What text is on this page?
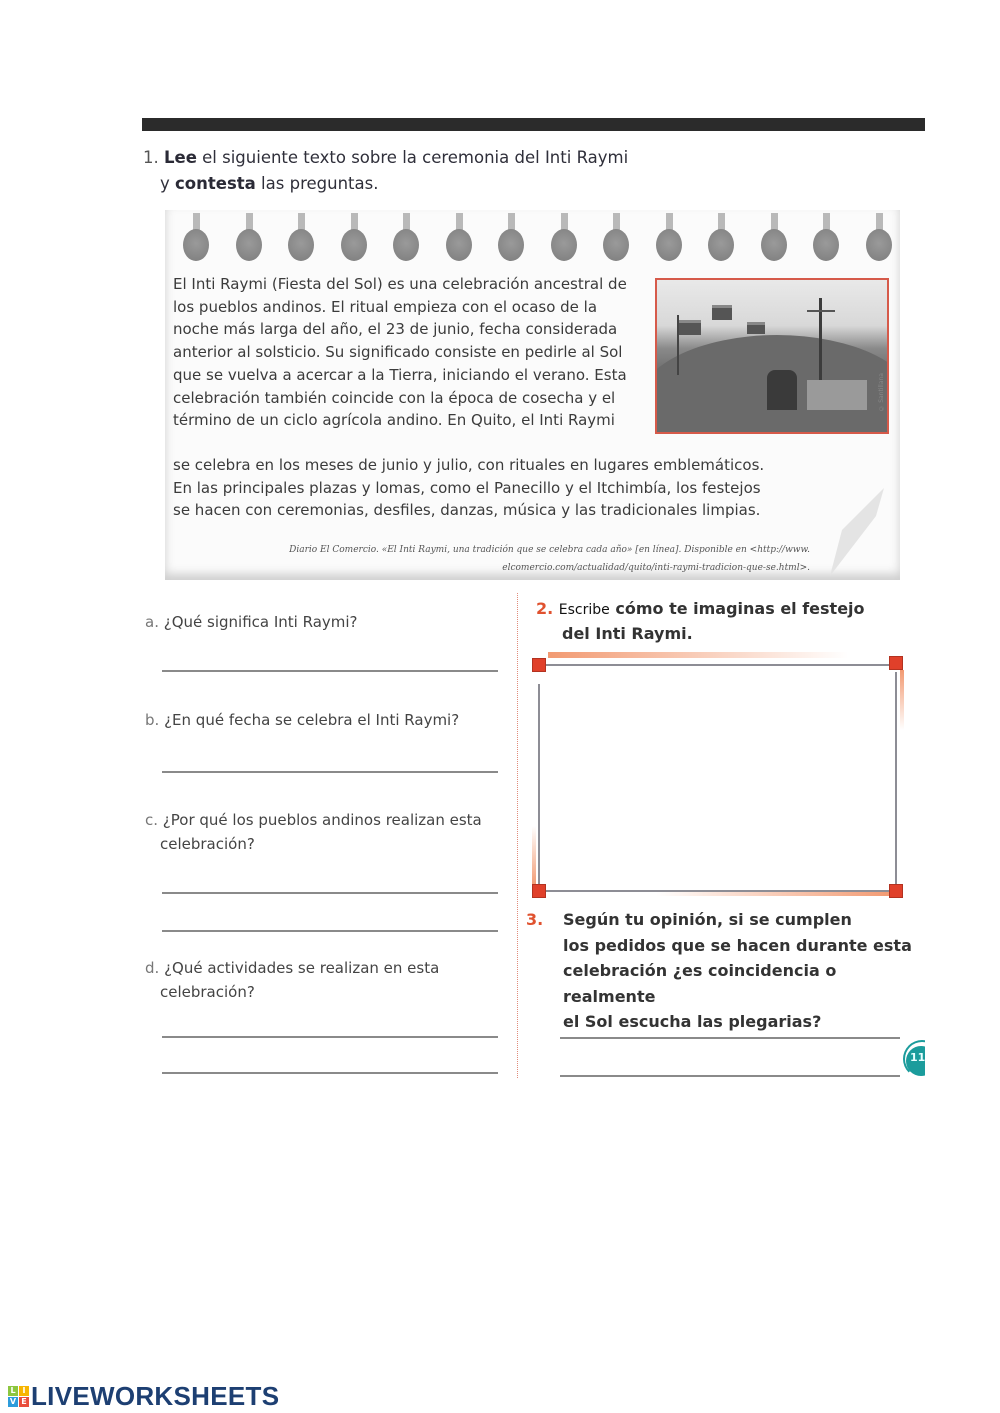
1. Lee el siguiente texto sobre la ceremonia del Inti Raymi
y contesta las preguntas.
El Inti Raymi (Fiesta del Sol) es una celebración ancestral de
los pueblos andinos. El ritual empieza con el ocaso de la
noche más larga del año, el 23 de junio, fecha considerada
anterior al solsticio. Su significado consiste en pedirle al Sol
que se vuelva a acercar a la Tierra, iniciando el verano. Esta
celebración también coincide con la época de cosecha y el
término de un ciclo agrícola andino. En Quito, el Inti Raymi
se celebra en los meses de junio y julio, con rituales en lugares emblemáticos.
En las principales plazas y lomas, como el Panecillo y el Itchimbía, los festejos
se hacen con ceremonias, desfiles, danzas, música y las tradicionales limpias.
© Santillana
Diario El Comercio. «El Inti Raymi, una tradición que se celebra cada año» [en línea]. Disponible en <http://www.
elcomercio.com/actualidad/quito/inti-raymi-tradicion-que-se.html>.
a. ¿Qué significa Inti Raymi?
b. ¿En qué fecha se celebra el Inti Raymi?
c. ¿Por qué los pueblos andinos realizan esta
celebración?
d. ¿Qué actividades se realizan en esta
celebración?
2. Escribe cómo te imaginas el festejo
del Inti Raymi.
3. Según tu opinión, si se cumplen
los pedidos que se hacen durante esta
celebración ¿es coincidencia o realmente
el Sol escucha las plegarias?
11
L I
V E LIVEWORKSHEETS
